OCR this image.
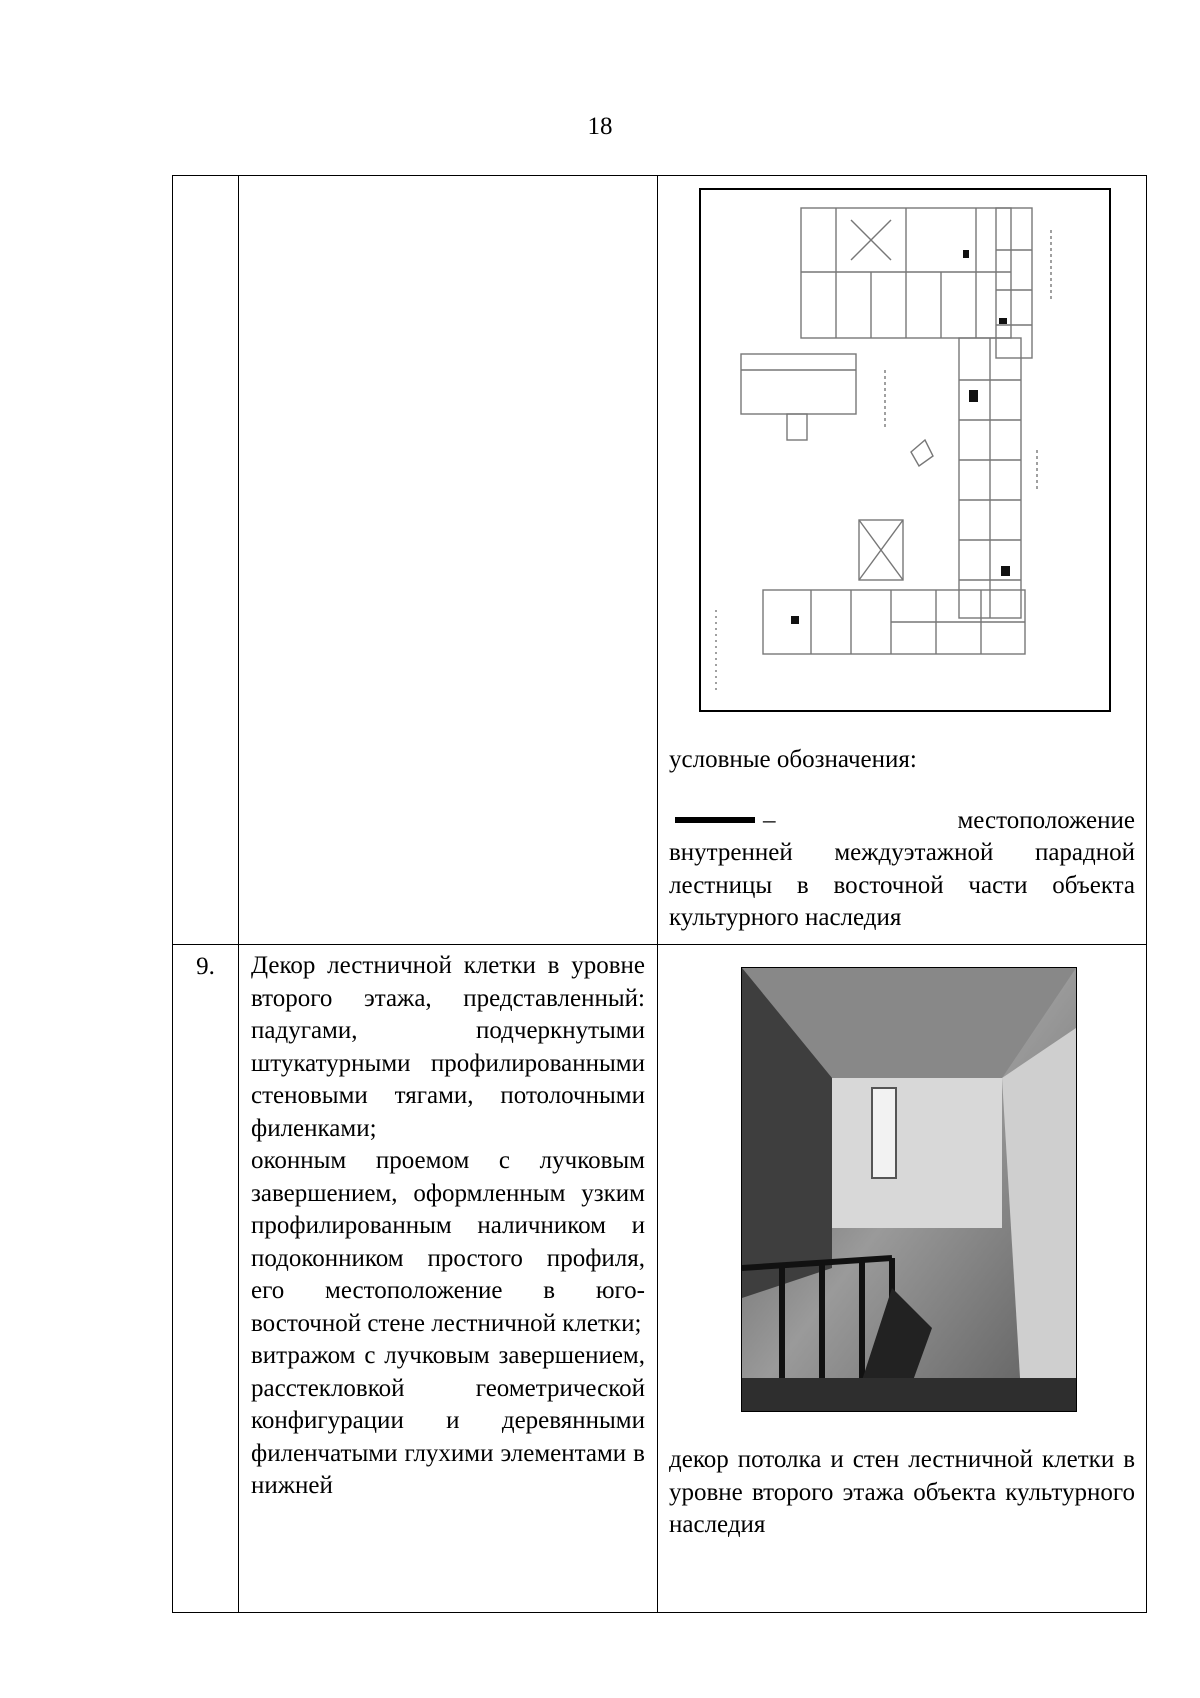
18

		условные обозначения:
– местоположение
внутренней междуэтажной парадной лестницы в восточной части объекта культурного наследия

9.	Декор лестничной клетки в уровне второго этажа, представленный: падугами, подчеркнутыми штукатурными профилированными стеновыми тягами, потолочными филенками;

оконным проемом с лучковым завершением, оформленным узким профилированным наличником и подоконником простого профиля, его местоположение в юго-восточной стене лестничной клетки;

витражом с лучковым завершением, расстекловкой геометрической конфигурации и деревянными филенчатыми глухими элементами в нижней	декор потолка и стен лестничной клетки в уровне второго этажа объекта культурного наследия
